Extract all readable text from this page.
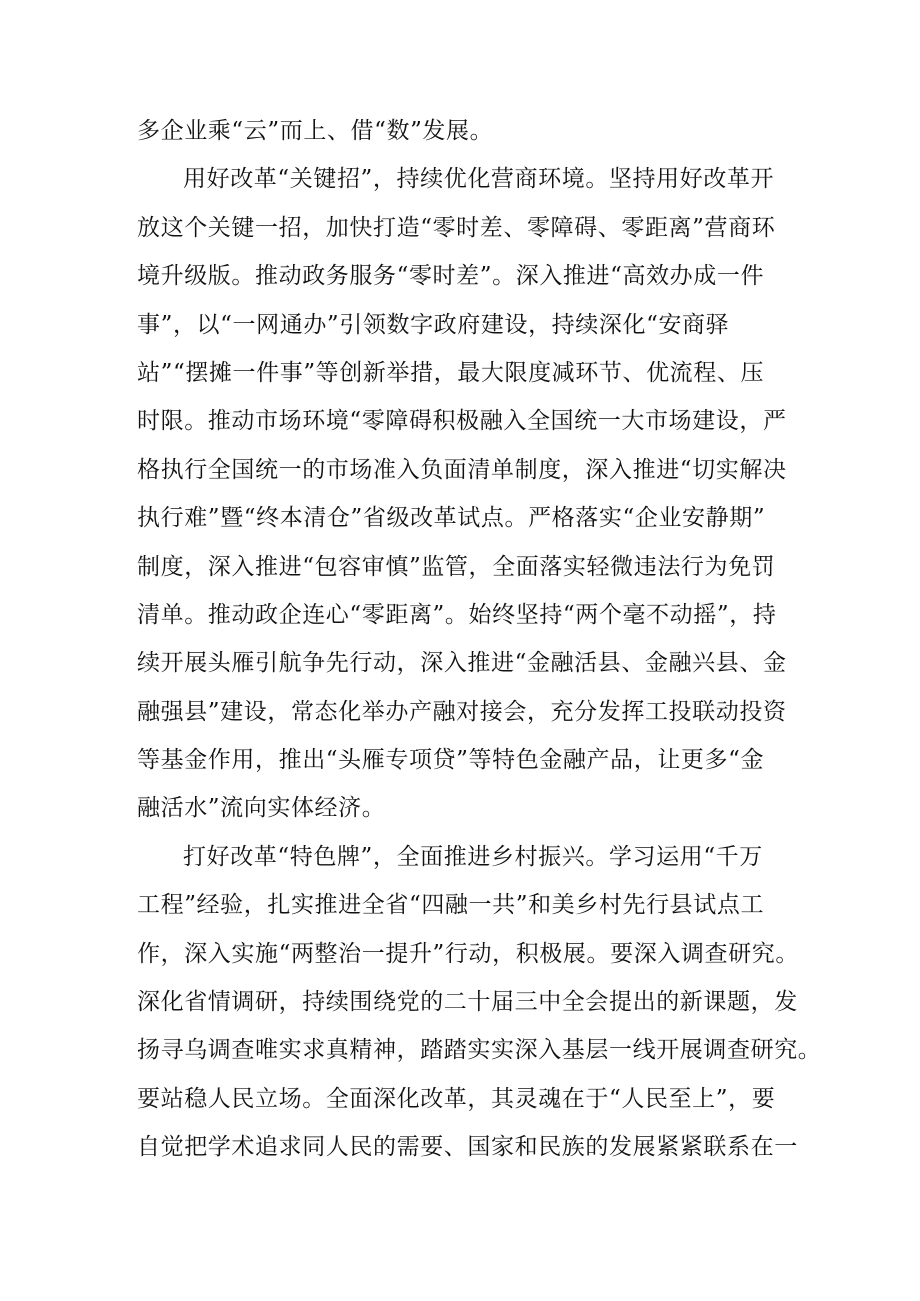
多企业乘“云”而上、借“数”发展。
用好改革“关键招”，持续优化营商环境。坚持用好改革开
放这个关键一招，加快打造“零时差、零障碍、零距离”营商环
境升级版。推动政务服务“零时差”。深入推进“高效办成一件
事”，以“一网通办”引领数字政府建设，持续深化“安商驿
站”“摆摊一件事”等创新举措，最大限度减环节、优流程、压
时限。推动市场环境“零障碍积极融入全国统一大市场建设，严
格执行全国统一的市场准入负面清单制度，深入推进“切实解决
执行难”暨“终本清仓”省级改革试点。严格落实“企业安静期”
制度，深入推进“包容审慎”监管，全面落实轻微违法行为免罚
清单。推动政企连心“零距离”。始终坚持“两个毫不动摇”，持
续开展头雁引航争先行动，深入推进“金融活县、金融兴县、金
融强县”建设，常态化举办产融对接会，充分发挥工投联动投资
等基金作用，推出“头雁专项贷”等特色金融产品，让更多“金
融活水”流向实体经济。
打好改革“特色牌”，全面推进乡村振兴。学习运用“千万
工程”经验，扎实推进全省“四融一共”和美乡村先行县试点工
作，深入实施“两整治一提升”行动，积极展。要深入调查研究。
深化省情调研，持续围绕党的二十届三中全会提出的新课题，发
扬寻乌调查唯实求真精神，踏踏实实深入基层一线开展调查研究。
要站稳人民立场。全面深化改革，其灵魂在于“人民至上”，要
自觉把学术追求同人民的需要、国家和民族的发展紧紧联系在一
